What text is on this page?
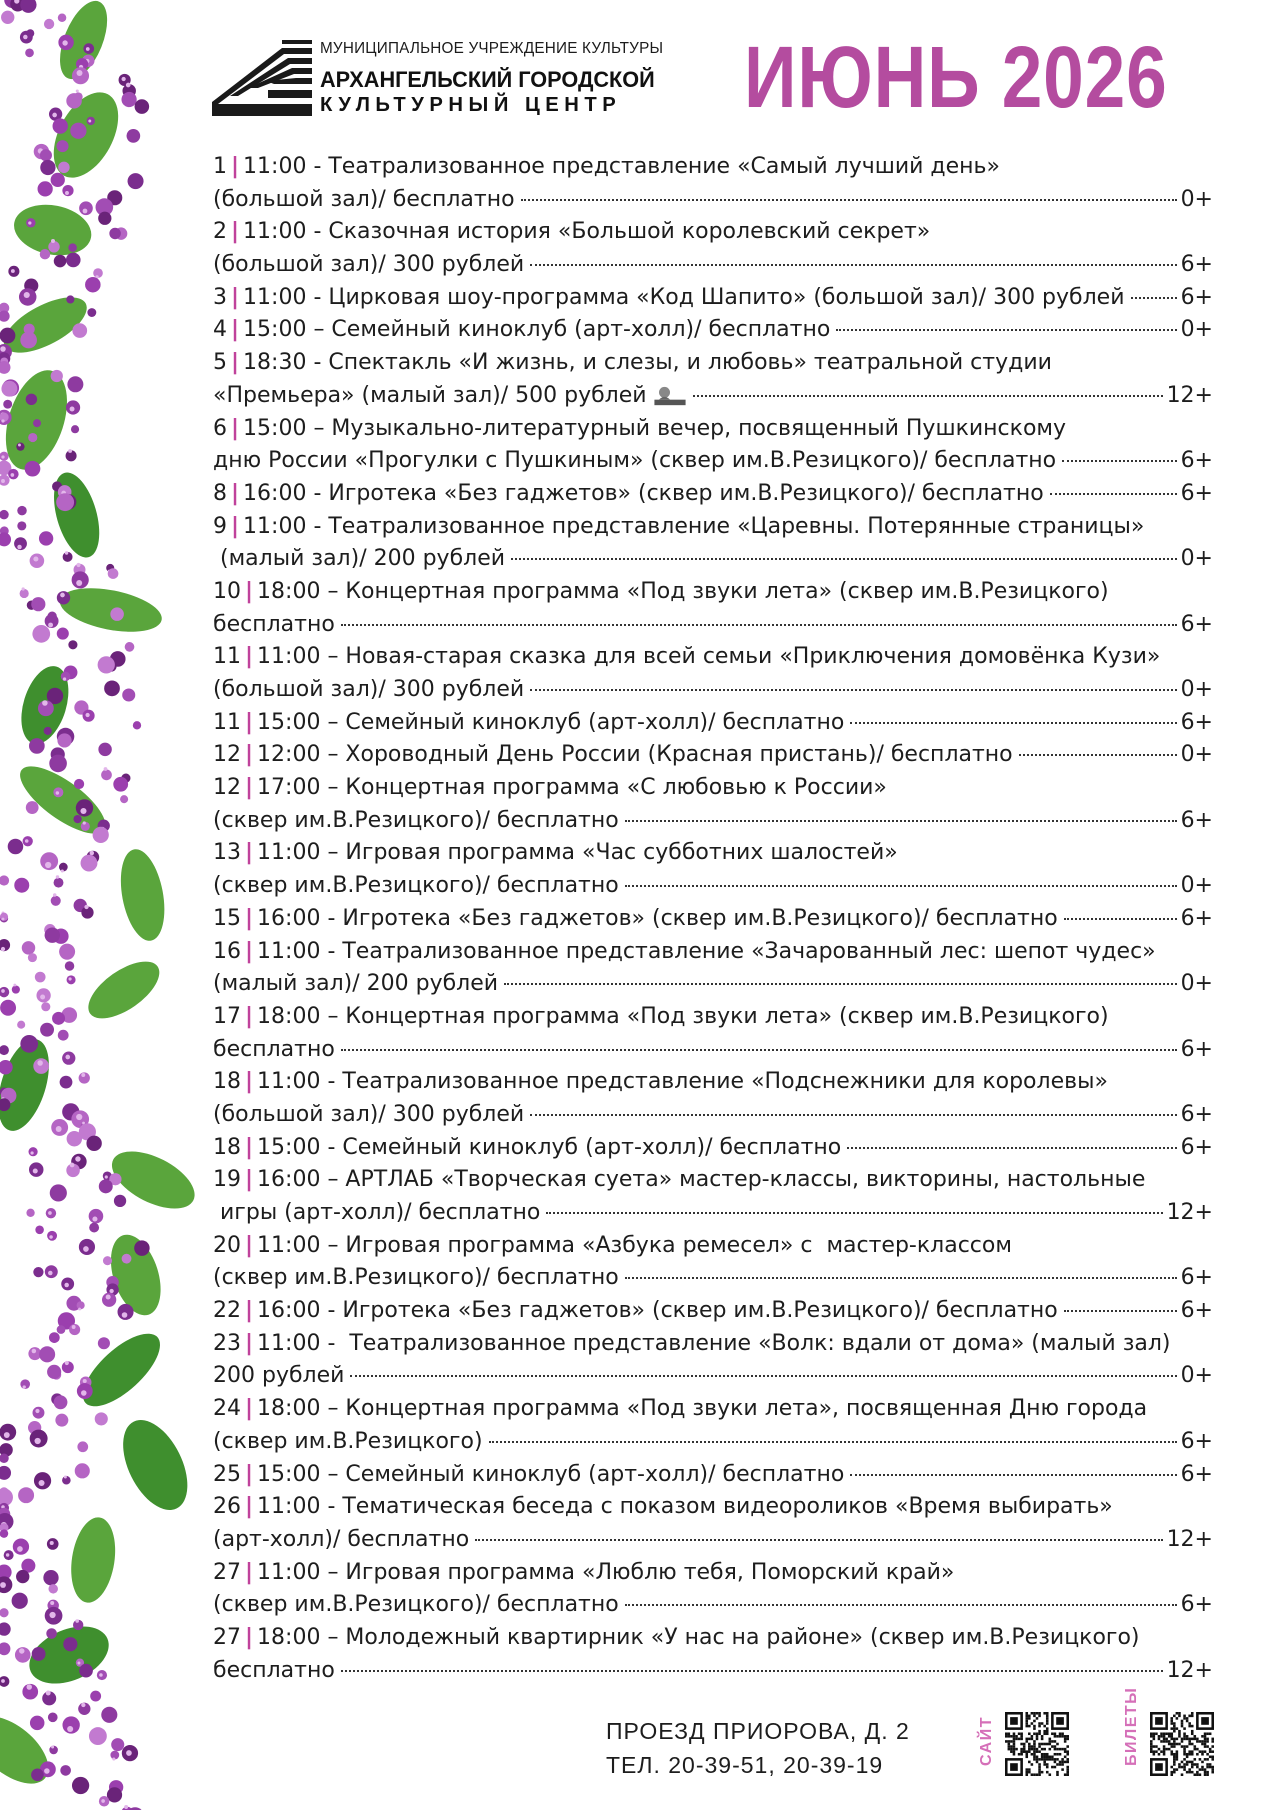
МУНИЦИПАЛЬНОЕ УЧРЕЖДЕНИЕ КУЛЬТУРЫ
АРХАНГЕЛЬСКИЙ ГОРОДСКОЙ
КУЛЬТУРНЫЙ ЦЕНТР	ИЮНЬ 2026
1 | 11:00 - Театрализованное представление «Самый лучший день»
(большой зал)/ бесплатно	0+
2 | 11:00 - Сказочная история «Большой королевский секрет»
(большой зал)/ 300 рублей	6+
3 | 11:00 - Цирковая шоу-программа «Код Шапито» (большой зал)/ 300 рублей	6+
4 | 15:00 – Семейный киноклуб (арт-холл)/ бесплатно	0+
5 | 18:30 - Спектакль «И жизнь, и слезы, и любовь» театральной студии
«Премьера» (малый зал)/ 500 рублей	12+
6 | 15:00 – Музыкально-литературный вечер, посвященный Пушкинскому
дню России «Прогулки с Пушкиным» (сквер им.В.Резицкого)/ бесплатно	6+
8 | 16:00 - Игротека «Без гаджетов» (сквер им.В.Резицкого)/ бесплатно	6+
9 | 11:00 - Театрализованное представление «Царевны. Потерянные страницы»
(малый зал)/ 200 рублей	0+
10 | 18:00 – Концертная программа «Под звуки лета» (сквер им.В.Резицкого)
бесплатно	6+
11 | 11:00 – Новая-старая сказка для всей семьи «Приключения домовёнка Кузи»
(большой зал)/ 300 рублей	0+
11 | 15:00 – Семейный киноклуб (арт-холл)/ бесплатно	6+
12 | 12:00 – Хороводный День России (Красная пристань)/ бесплатно	0+
12 | 17:00 – Концертная программа «С любовью к России»
(сквер им.В.Резицкого)/ бесплатно	6+
13 | 11:00 – Игровая программа «Час субботних шалостей»
(сквер им.В.Резицкого)/ бесплатно	0+
15 | 16:00 - Игротека «Без гаджетов» (сквер им.В.Резицкого)/ бесплатно	6+
16 | 11:00 - Театрализованное представление «Зачарованный лес: шепот чудес»
(малый зал)/ 200 рублей	0+
17 | 18:00 – Концертная программа «Под звуки лета» (сквер им.В.Резицкого)
бесплатно	6+
18 | 11:00 - Театрализованное представление «Подснежники для королевы»
(большой зал)/ 300 рублей	6+
18 | 15:00 - Семейный киноклуб (арт-холл)/ бесплатно	6+
19 | 16:00 – АРТЛАБ «Творческая суета» мастер-классы, викторины, настольные
игры (арт-холл)/ бесплатно	12+
20 | 11:00 – Игровая программа «Азбука ремесел» с  мастер-классом
(сквер им.В.Резицкого)/ бесплатно	6+
22 | 16:00 - Игротека «Без гаджетов» (сквер им.В.Резицкого)/ бесплатно	6+
23 | 11:00 -  Театрализованное представление «Волк: вдали от дома» (малый зал)
200 рублей	0+
24 | 18:00 – Концертная программа «Под звуки лета», посвященная Дню города
(сквер им.В.Резицкого)	6+
25 | 15:00 – Семейный киноклуб (арт-холл)/ бесплатно	6+
26 | 11:00 - Тематическая беседа с показом видеороликов «Время выбирать»
(арт-холл)/ бесплатно	12+
27 | 11:00 – Игровая программа «Люблю тебя, Поморский край»
(сквер им.В.Резицкого)/ бесплатно	6+
27 | 18:00 – Молодежный квартирник «У нас на районе» (сквер им.В.Резицкого)
бесплатно	12+
ПРОЕЗД ПРИОРОВА, Д. 2
ТЕЛ. 20-39-51, 20-39-19	САЙТ	БИЛЕТЫ
